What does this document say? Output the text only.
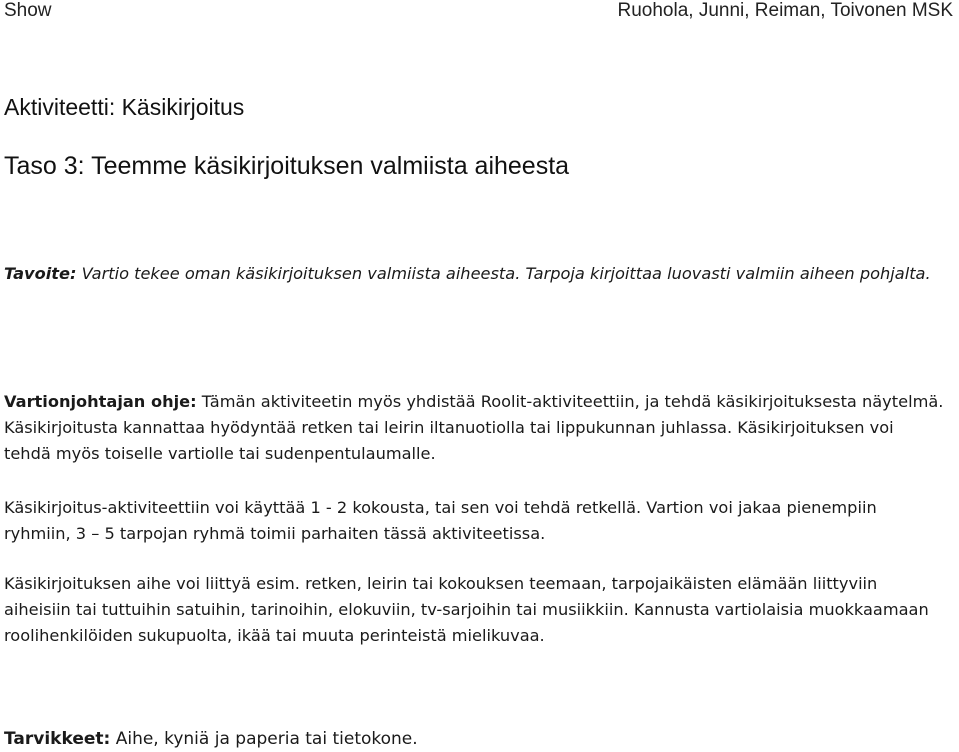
Show	Ruohola, Junni, Reiman, Toivonen MSK
Aktiviteetti: Käsikirjoitus
Taso 3: Teemme käsikirjoituksen valmiista aiheesta
Tavoite: Vartio tekee oman käsikirjoituksen valmiista aiheesta. Tarpoja kirjoittaa luovasti valmiin aiheen pohjalta.
Vartionjohtajan ohje: Tämän aktiviteetin myös yhdistää Roolit-aktiviteettiin, ja tehdä käsikirjoituksesta näytelmä. Käsikirjoitusta kannattaa hyödyntää retken tai leirin iltanuotiolla tai lippukunnan juhlassa. Käsikirjoituksen voi tehdä myös toiselle vartiolle tai sudenpentulaumalle.
Käsikirjoitus-aktiviteettiin voi käyttää 1 - 2 kokousta, tai sen voi tehdä retkellä. Vartion voi jakaa pienempiin ryhmiin, 3 – 5 tarpojan ryhmä toimii parhaiten tässä aktiviteetissa.
Käsikirjoituksen aihe voi liittyä esim. retken, leirin tai kokouksen teemaan, tarpojaikäisten elämään liittyviin aiheisiin tai tuttuihin satuihin, tarinoihin, elokuviin, tv-sarjoihin tai musiikkiin. Kannusta vartiolaisia muokkaamaan roolihenkilöiden sukupuolta, ikää tai muuta perinteistä mielikuvaa.
Tarvikkeet: Aihe, kyniä ja paperia tai tietokone.
